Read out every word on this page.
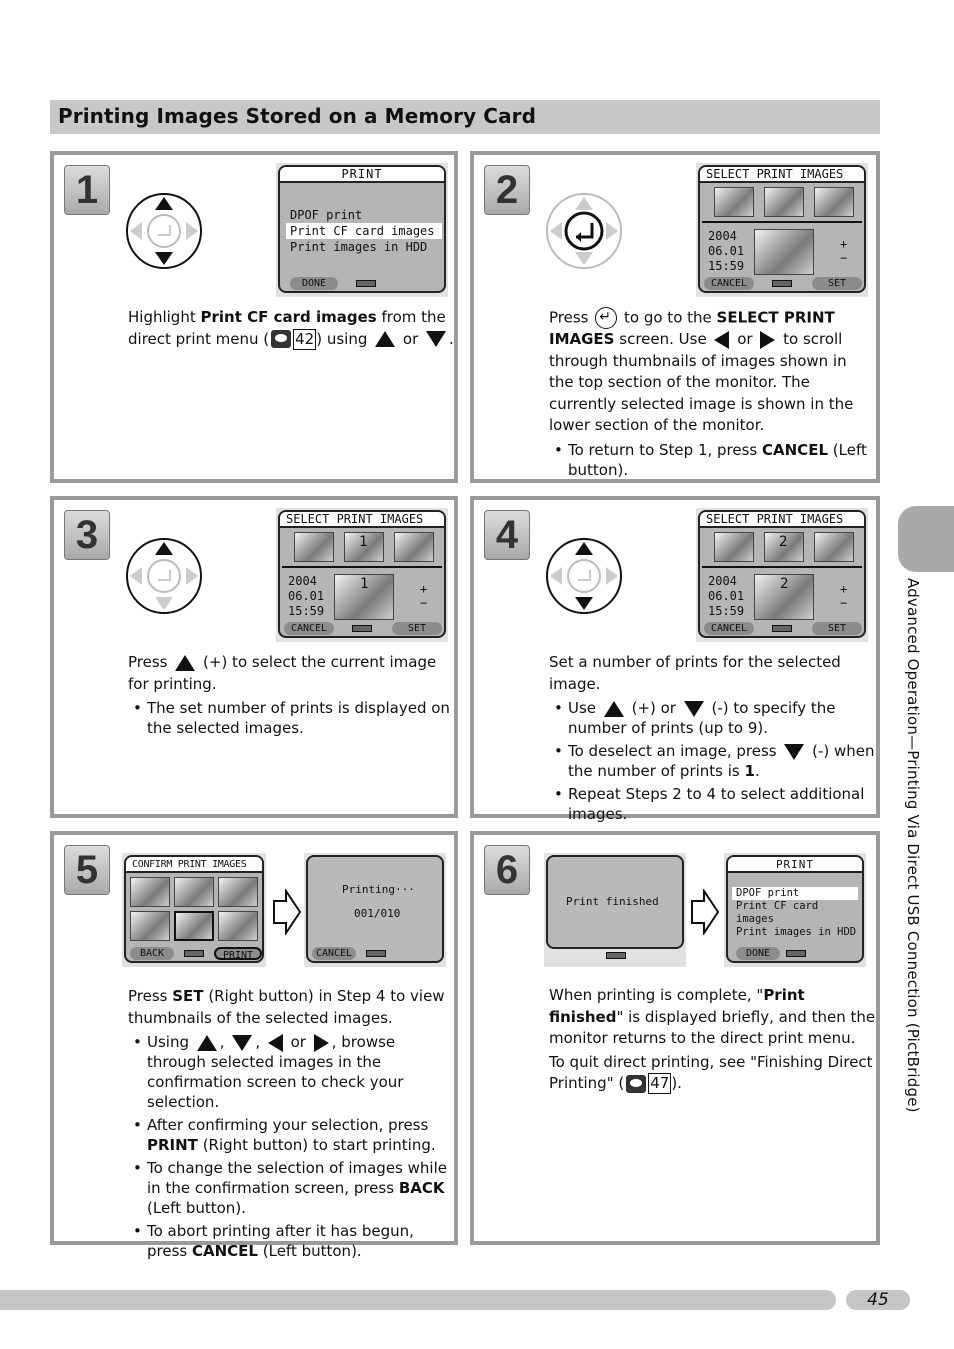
Printing Images Stored on a Memory Card
1	PRINT
DPOF print
Print CF card images
Print images in HDD
DONE

Highlight Print CF card images from the direct print menu ( 42 ) using  or .

2	SELECT PRINT IMAGES
2004
06.01
15:59
+
−
CANCEL	SET

Press ↵ to go to the SELECT PRINT IMAGES screen. Use  or  to scroll through thumbnails of images shown in the top section of the monitor. The currently selected image is shown in the lower section of the monitor.

• To return to Step 1, press CANCEL (Left button).
3	SELECT PRINT IMAGES
1
2004
06.01
15:59
1	+
−
CANCEL	SET

Press  (+) to select the current image for printing.

• The set number of prints is displayed on the selected images.
4	SELECT PRINT IMAGES
2
2004
06.01
15:59
2	+
−
CANCEL	SET

Set a number of prints for the selected image.

• Use  (+) or  (-) to specify the number of prints (up to 9).
• To deselect an image, press  (-) when the number of prints is 1.
• Repeat Steps 2 to 4 to select additional images.
5	CONFIRM PRINT IMAGES
BACK	PRINT
Printing···
001/010
CANCEL

Press SET (Right button) in Step 4 to view thumbnails of the selected images.

• Using , ,  or , browse through selected images in the confirmation screen to check your selection.
• After confirming your selection, press PRINT (Right button) to start printing.
• To change the selection of images while in the confirmation screen, press BACK (Left button).
• To abort printing after it has begun, press CANCEL (Left button).
6
Print finished
PRINT
DPOF print
Print CF card images
Print images in HDD
DONE

When printing is complete, "Print finished" is displayed briefly, and then the monitor returns to the direct print menu.

To quit direct printing, see "Finishing Direct Printing" ( 47 ).	Advanced Operation—Printing Via Direct USB Connection (PictBridge)
45
